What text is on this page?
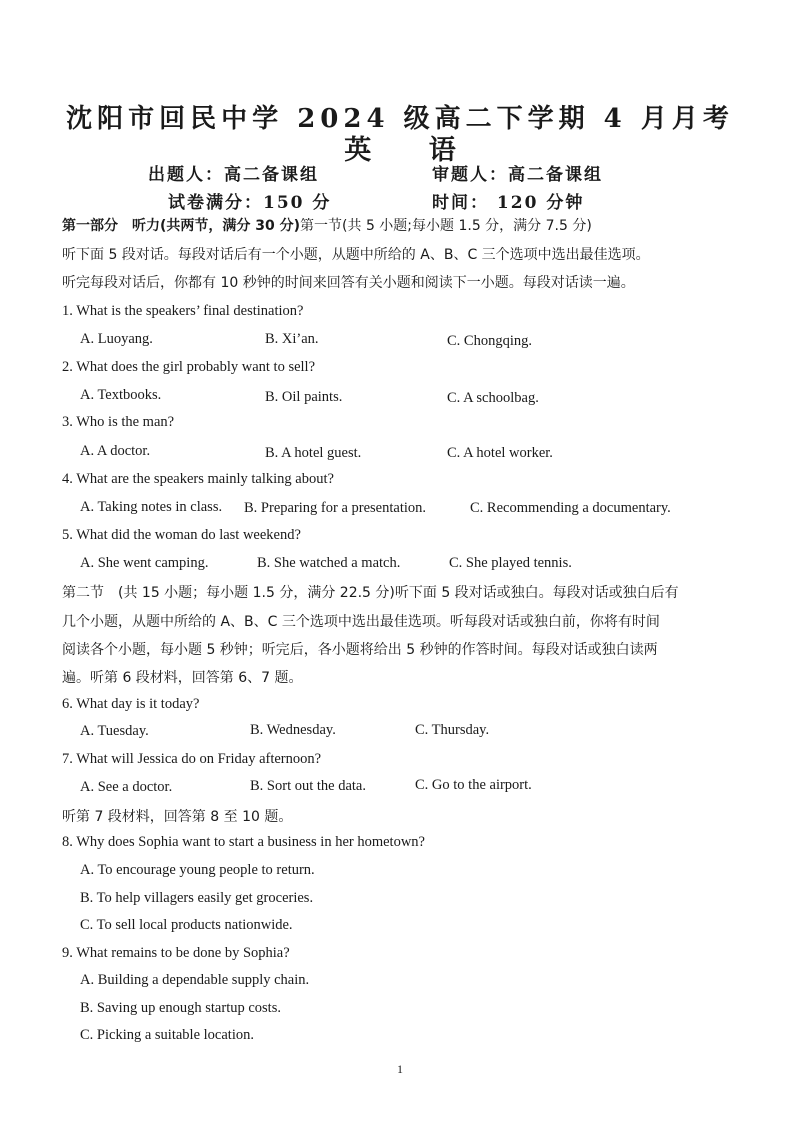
沈阳市回民中学 2024 级高二下学期 4 月月考
英 语
出题人：高二备课组	审题人：高二备课组
试卷满分：150 分	时间： 120 分钟
第一部分　听力(共两节，满分 30 分)第一节(共 5 小题;每小题 1.5 分，满分 7.5 分)
听下面 5 段对话。每段对话后有一个小题，从题中所给的 A、B、C 三个选项中选出最佳选项。
听完每段对话后，你都有 10 秒钟的时间来回答有关小题和阅读下一小题。每段对话读一遍。
1. What is the speakers’ final destination?
A. Luoyang.	B. Xi’an.	C. Chongqing.
2. What does the girl probably want to sell?
A. Textbooks.	B. Oil paints.	C. A schoolbag.
3. Who is the man?
A. A doctor.	B. A hotel guest.	C. A hotel worker.
4. What are the speakers mainly talking about?
A. Taking notes in class. B. Preparing for a presentation.	C. Recommending a documentary.
5. What did the woman do last weekend?
A. She went camping.	B. She watched a match.	C. She played tennis.
第二节　(共 15 小题；每小题 1.5 分，满分 22.5 分)听下面 5 段对话或独白。每段对话或独白后有
几个小题，从题中所给的 A、B、C 三个选项中选出最佳选项。听每段对话或独白前，你将有时间
阅读各个小题，每小题 5 秒钟；听完后，各小题将给出 5 秒钟的作答时间。每段对话或独白读两
遍。听第 6 段材料，回答第 6、7 题。
6. What day is it today?
A. Tuesday.	B. Wednesday.	C. Thursday.
7. What will Jessica do on Friday afternoon?
A. See a doctor.	B. Sort out the data.	C. Go to the airport.
听第 7 段材料，回答第 8 至 10 题。
8. Why does Sophia want to start a business in her hometown?
A. To encourage young people to return.
B. To help villagers easily get groceries.
C. To sell local products nationwide.
9. What remains to be done by Sophia?
A. Building a dependable supply chain.
B. Saving up enough startup costs.
C. Picking a suitable location.
1
